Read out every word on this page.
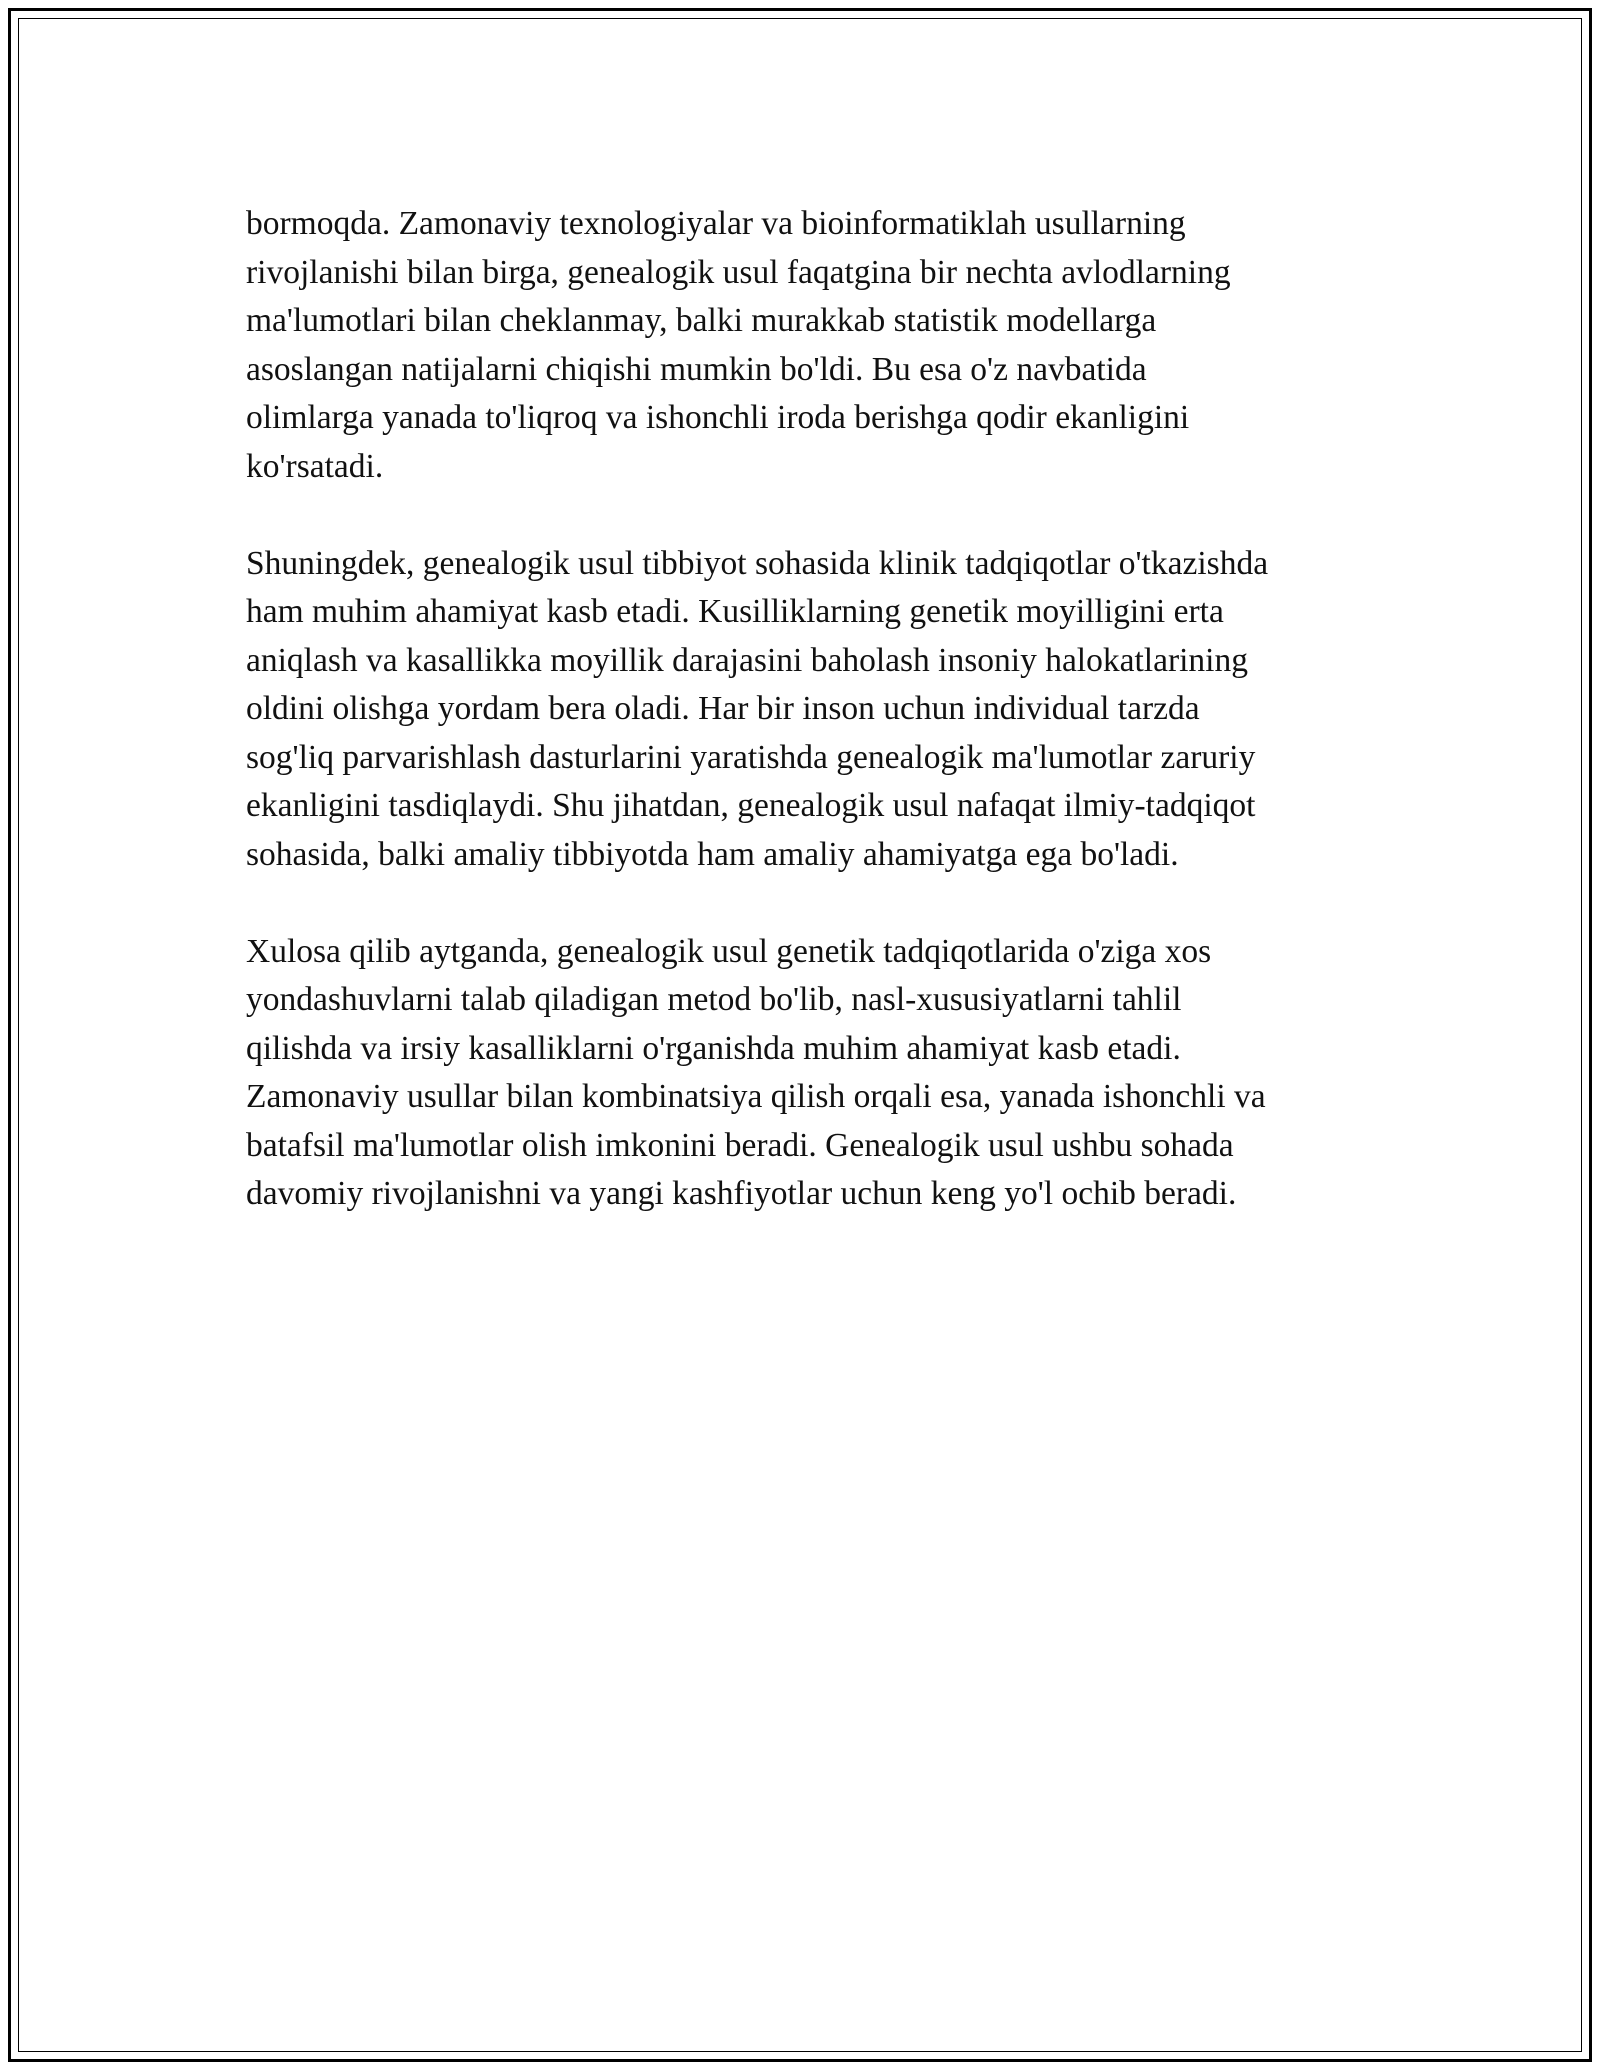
bormoqda. Zamonaviy texnologiyalar va bioinformatiklah usullarning
rivojlanishi bilan birga, genealogik usul faqatgina bir nechta avlodlarning
ma'lumotlari bilan cheklanmay, balki murakkab statistik modellarga
asoslangan natijalarni chiqishi mumkin bo'ldi. Bu esa o'z navbatida
olimlarga yanada to'liqroq va ishonchli iroda berishga qodir ekanligini
ko'rsatadi.

Shuningdek, genealogik usul tibbiyot sohasida klinik tadqiqotlar o'tkazishda
ham muhim ahamiyat kasb etadi. Kusilliklarning genetik moyilligini erta
aniqlash va kasallikka moyillik darajasini baholash insoniy halokatlarining
oldini olishga yordam bera oladi. Har bir inson uchun individual tarzda
sog'liq parvarishlash dasturlarini yaratishda genealogik ma'lumotlar zaruriy
ekanligini tasdiqlaydi. Shu jihatdan, genealogik usul nafaqat ilmiy-tadqiqot
sohasida, balki amaliy tibbiyotda ham amaliy ahamiyatga ega bo'ladi.

Xulosa qilib aytganda, genealogik usul genetik tadqiqotlarida o'ziga xos
yondashuvlarni talab qiladigan metod bo'lib, nasl-xususiyatlarni tahlil
qilishda va irsiy kasalliklarni o'rganishda muhim ahamiyat kasb etadi.
Zamonaviy usullar bilan kombinatsiya qilish orqali esa, yanada ishonchli va
batafsil ma'lumotlar olish imkonini beradi. Genealogik usul ushbu sohada
davomiy rivojlanishni va yangi kashfiyotlar uchun keng yo'l ochib beradi.
